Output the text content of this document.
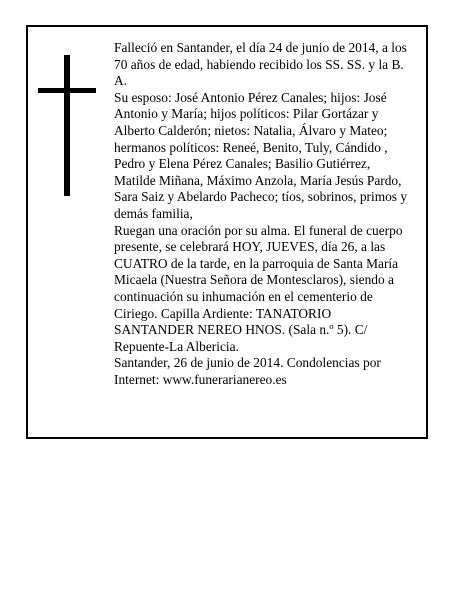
Falleció en Santander, el día 24 de junio de 2014, a los 70 años de edad, habiendo recibido los SS. SS. y la B. A.

Su esposo: José Antonio Pérez Canales; hijos: José Antonio y María; hijos políticos: Pilar Gortázar y Alberto Calderón; nietos: Natalia, Álvaro y Mateo; hermanos políticos: Reneé, Benito, Tuly, Cándido , Pedro y Elena Pérez Canales; Basilio Gutiérrez, Matilde Miñana, Máximo Anzola, María Jesús Pardo, Sara Saiz y Abelardo Pacheco; tíos, sobrinos, primos y demás familia,

Ruegan una oración por su alma. El funeral de cuerpo presente, se celebrará HOY, JUEVES, día 26, a las CUATRO de la tarde, en la parroquia de Santa María Micaela (Nuestra Señora de Montesclaros), siendo a continuación su inhumación en el cementerio de Ciriego. Capilla Ardiente: TANATORIO SANTANDER NEREO HNOS. (Sala n.º 5). C/ Repuente-La Albericia.

Santander, 26 de junio de 2014. Condolencias por Internet: www.funerarianereo.es
